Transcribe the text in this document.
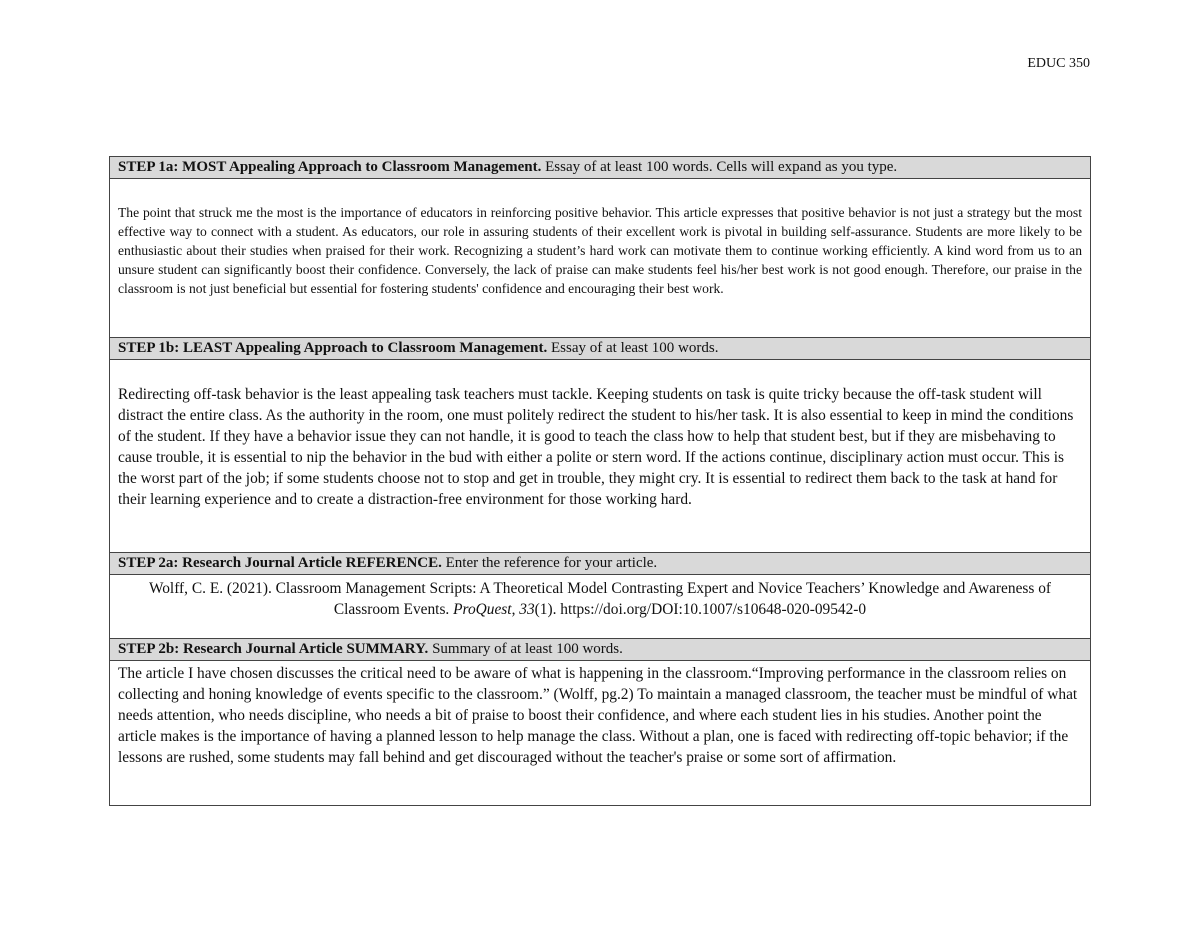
EDUC 350
STEP 1a: MOST Appealing Approach to Classroom Management. Essay of at least 100 words. Cells will expand as you type.

The point that struck me the most is the importance of educators in reinforcing positive behavior. This article expresses that positive behavior is not just a strategy but the most effective way to connect with a student. As educators, our role in assuring students of their excellent work is pivotal in building self-assurance. Students are more likely to be enthusiastic about their studies when praised for their work. Recognizing a student’s hard work can motivate them to continue working efficiently. A kind word from us to an unsure student can significantly boost their confidence. Conversely, the lack of praise can make students feel his/her best work is not good enough. Therefore, our praise in the classroom is not just beneficial but essential for fostering students' confidence and encouraging their best work.

STEP 1b: LEAST Appealing Approach to Classroom Management. Essay of at least 100 words.

Redirecting off-task behavior is the least appealing task teachers must tackle. Keeping students on task is quite tricky because the off-task student will distract the entire class. As the authority in the room, one must politely redirect the student to his/her task. It is also essential to keep in mind the conditions of the student. If they have a behavior issue they can not handle, it is good to teach the class how to help that student best, but if they are misbehaving to cause trouble, it is essential to nip the behavior in the bud with either a polite or stern word. If the actions continue, disciplinary action must occur. This is the worst part of the job; if some students choose not to stop and get in trouble, they might cry. It is essential to redirect them back to the task at hand for their learning experience and to create a distraction-free environment for those working hard.

STEP 2a: Research Journal Article REFERENCE. Enter the reference for your article.
Wolff, C. E. (2021). Classroom Management Scripts: A Theoretical Model Contrasting Expert and Novice Teachers’ Knowledge and Awareness of Classroom Events. ProQuest, 33(1). https://doi.org/DOI:10.1007/s10648-020-09542-0
STEP 2b: Research Journal Article SUMMARY. Summary of at least 100 words.

The article I have chosen discusses the critical need to be aware of what is happening in the classroom.“Improving performance in the classroom relies on collecting and honing knowledge of events specific to the classroom.” (Wolff, pg.2) To maintain a managed classroom, the teacher must be mindful of what needs attention, who needs discipline, who needs a bit of praise to boost their confidence, and where each student lies in his studies. Another point the article makes is the importance of having a planned lesson to help manage the class. Without a plan, one is faced with redirecting off-topic behavior; if the lessons are rushed, some students may fall behind and get discouraged without the teacher's praise or some sort of affirmation.
